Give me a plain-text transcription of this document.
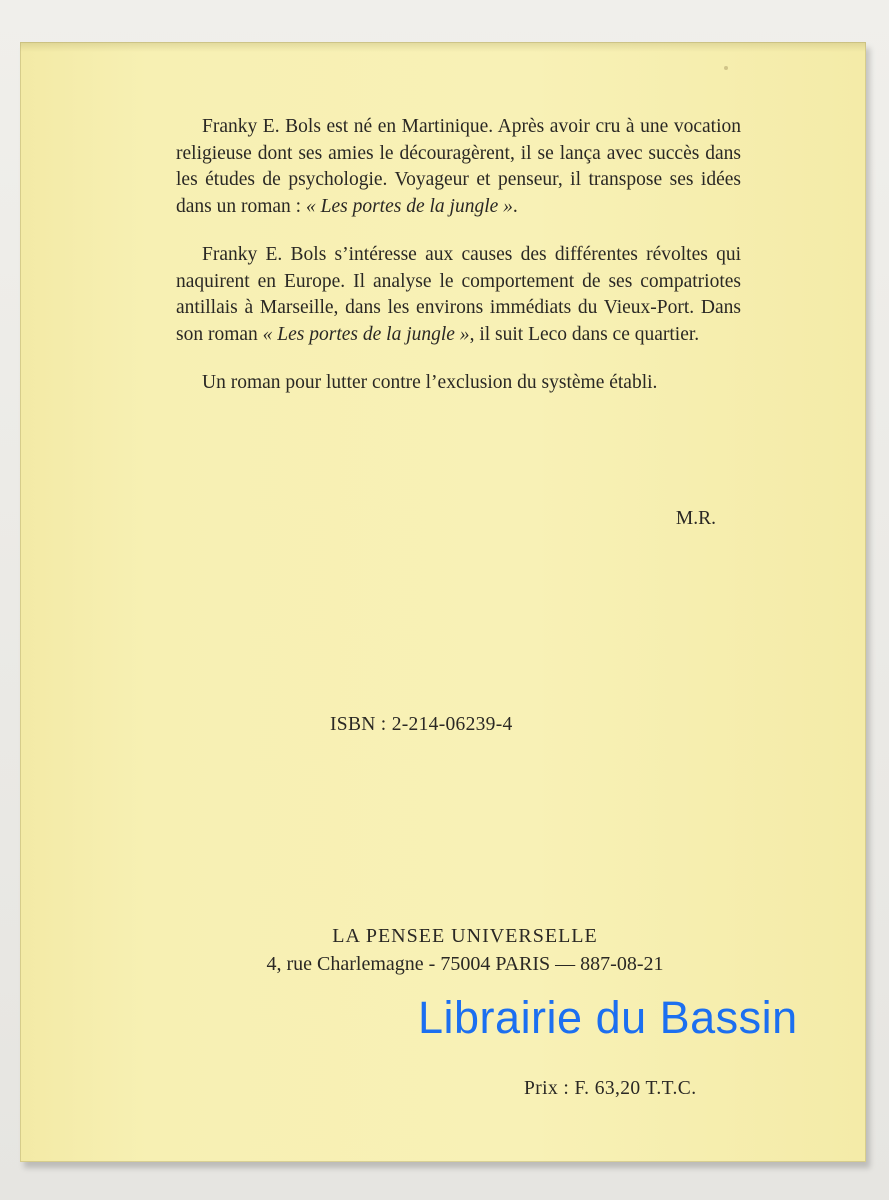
Franky E. Bols est né en Martinique. Après avoir cru à une vocation religieuse dont ses amies le découragèrent, il se lança avec succès dans les études de psychologie. Voyageur et penseur, il transpose ses idées dans un roman : « Les portes de la jungle ».

Franky E. Bols s’intéresse aux causes des différentes révoltes qui naquirent en Europe. Il analyse le comportement de ses compatriotes antillais à Marseille, dans les environs immédiats du Vieux-Port. Dans son roman « Les portes de la jungle », il suit Leco dans ce quartier.

Un roman pour lutter contre l’exclusion du système établi.

M.R.
ISBN : 2-214-06239-4
LA PENSEE UNIVERSELLE
4, rue Charlemagne - 75004 PARIS — 887-08-21
Librairie du Bassin
Prix : F. 63,20 T.T.C.
